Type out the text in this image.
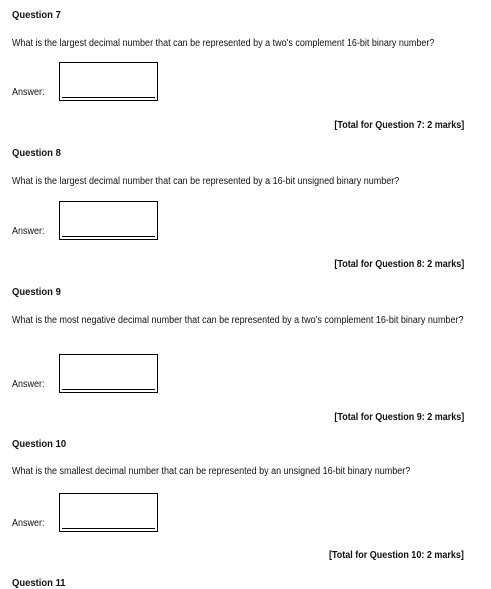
Question 7
What is the largest decimal number that can be represented by a two's complement 16-bit binary number?
Answer:
[Total for Question 7: 2 marks]
Question 8
What is the largest decimal number that can be represented by a 16-bit unsigned binary number?
Answer:
[Total for Question 8: 2 marks]
Question 9
What is the most negative decimal number that can be represented by a two's complement 16-bit binary number?
Answer:
[Total for Question 9: 2 marks]
Question 10
What is the smallest decimal number that can be represented by an unsigned 16-bit binary number?
Answer:
[Total for Question 10: 2 marks]
Question 11
